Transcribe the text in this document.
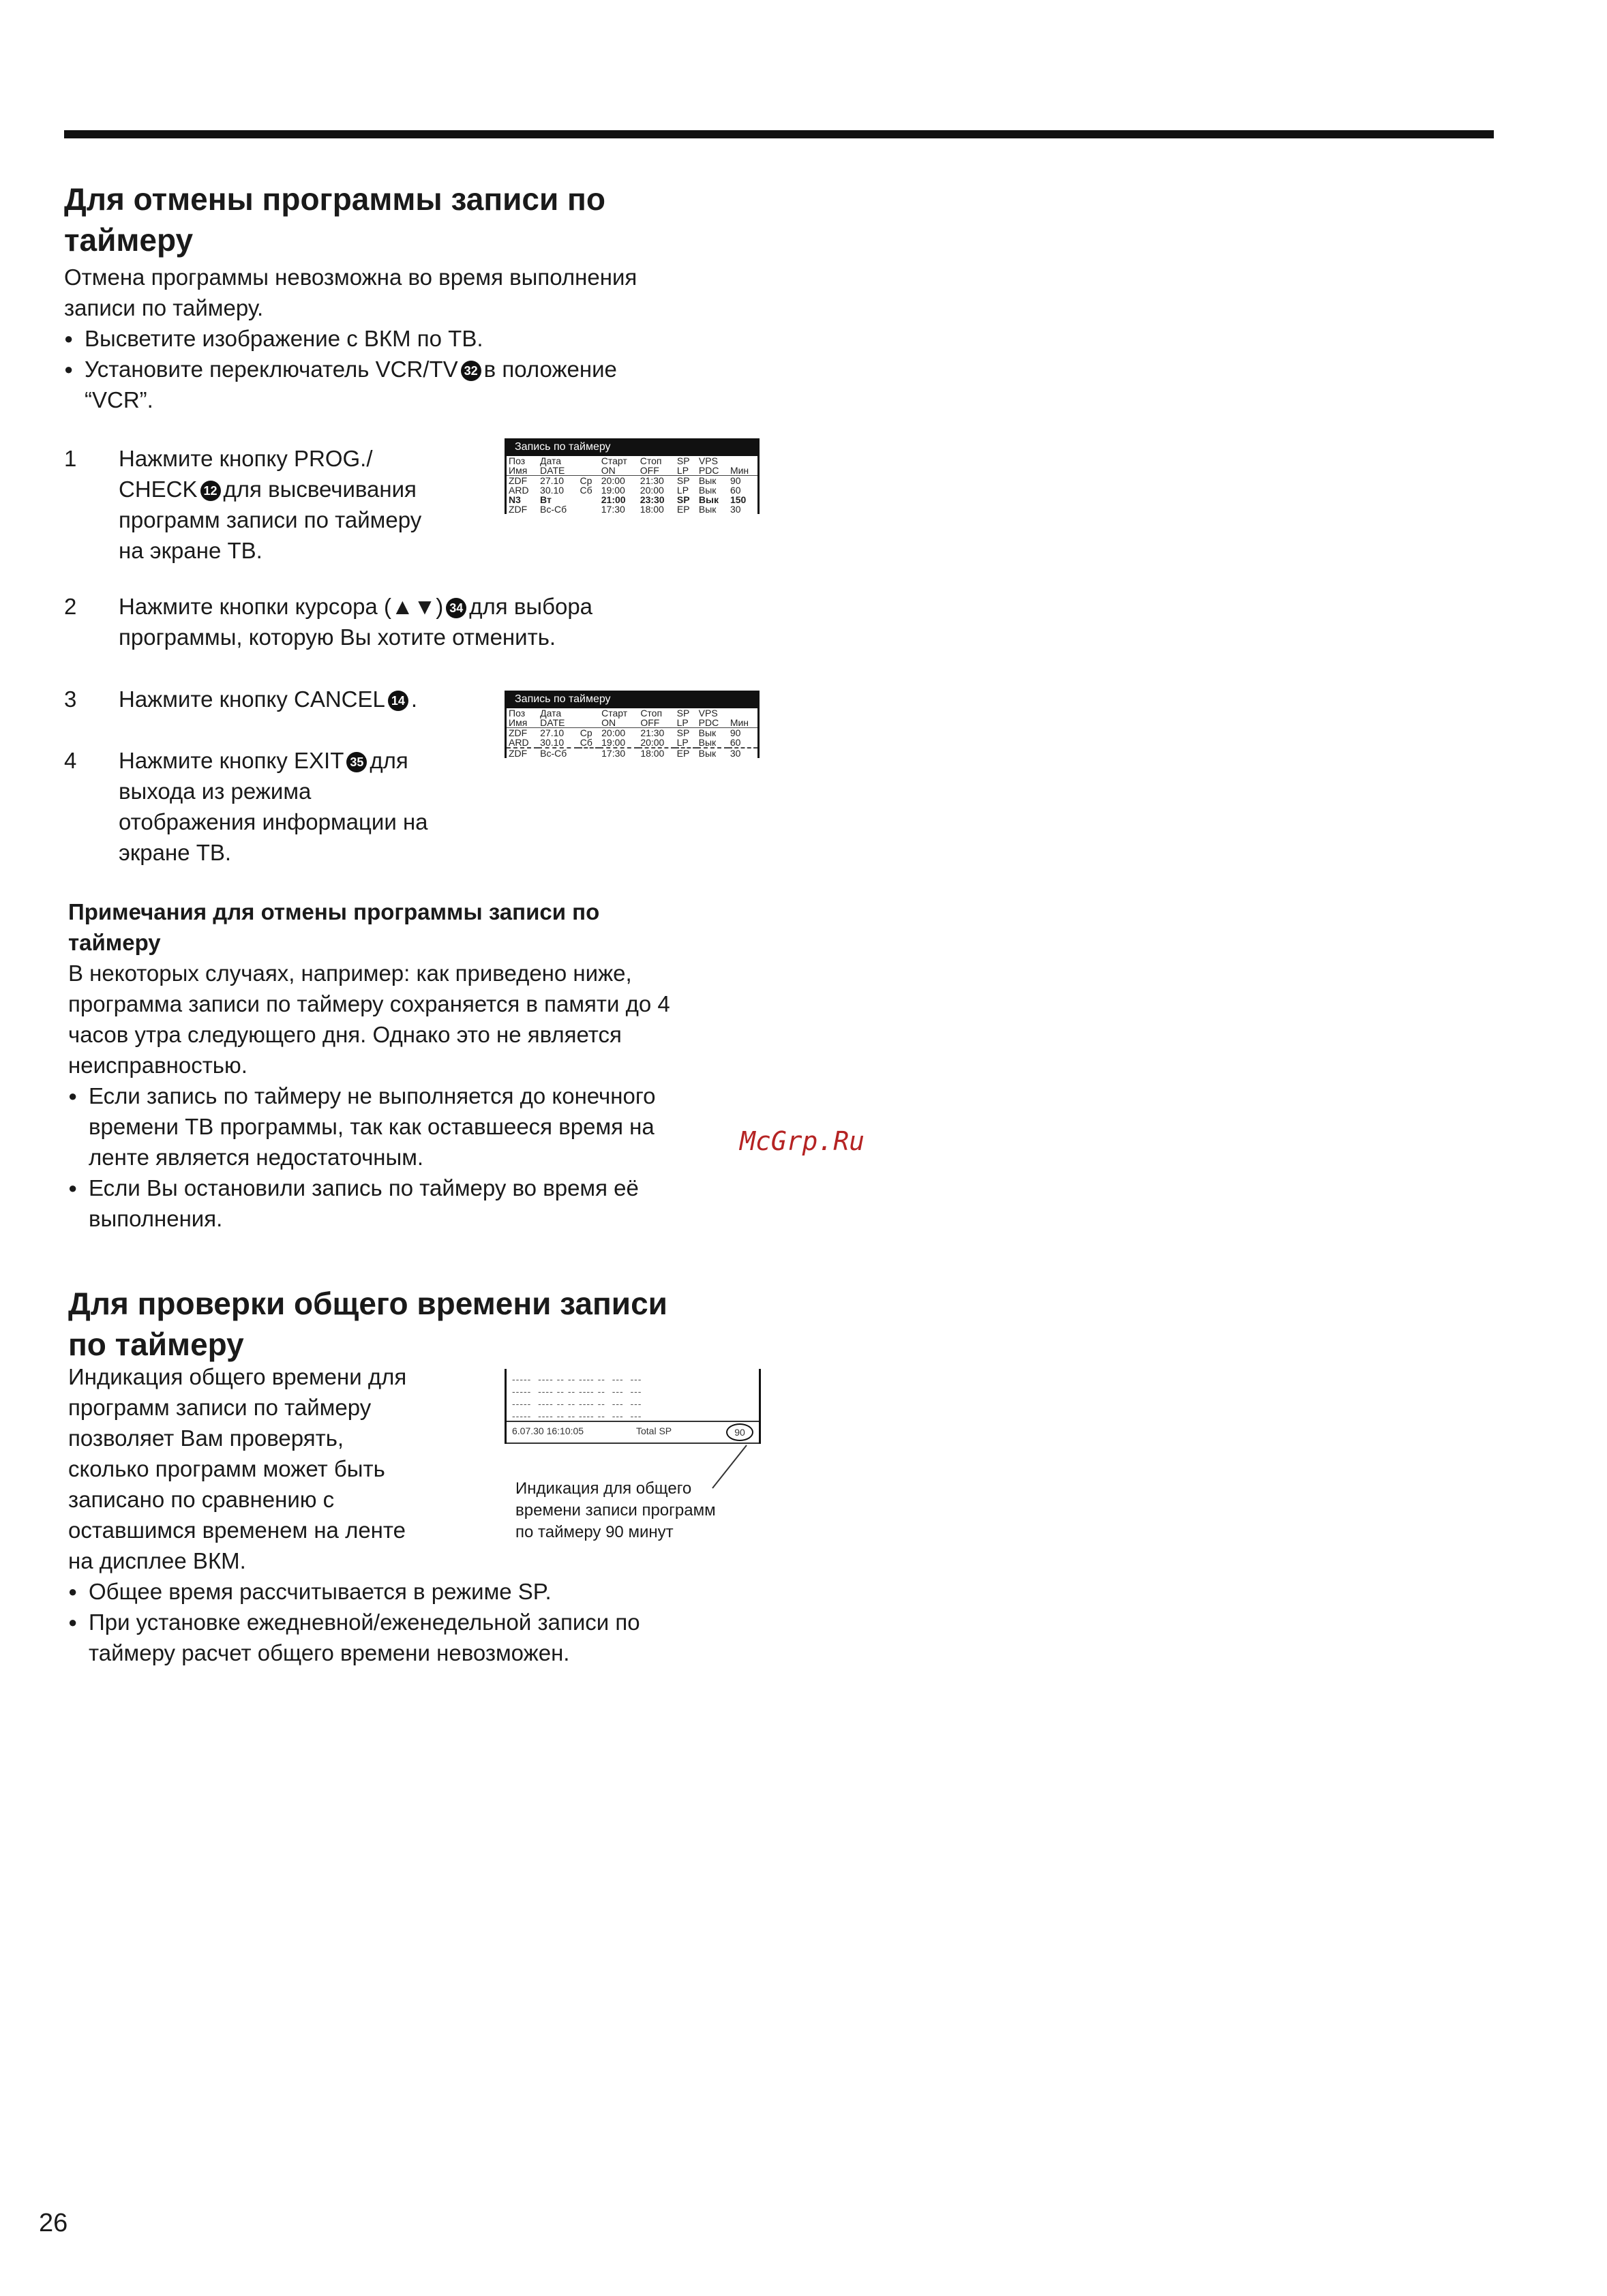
Для отмены программы записи по
таймеру

Отмена программы невозможна во время выполнения
записи по таймеру.

● Высветите изображение с ВКМ по ТВ.

● Установите переключатель VCR/TV 32 в положение
“VCR”.

1	Нажмите кнопку PROG./
CHECK 12 для высвечивания
программ записи по таймеру
на экране ТВ.
Запись по таймеру
Поз	Дата		Старт	Стоп	SP	VPS	
Имя	DATE		ON	OFF	LP	PDC	Мин
ZDF	27.10	Ср	20:00	21:30	SP	Вык	90
ARD	30.10	Сб	19:00	20:00	LP	Вык	60
N3	Вт		21:00	23:30	SP	Вык	150
ZDF	Вс-Сб		17:30	18:00	EP	Вык	30
2	Нажмите кнопки курсора (▲▼) 34 для выбора
программы, которую Вы хотите отменить.
3	Нажмите кнопку CANCEL 14 .
4	Нажмите кнопку EXIT 35 для
выхода из режима
отображения информации на
экране ТВ.
Запись по таймеру
Поз	Дата		Старт	Стоп	SP	VPS	
Имя	DATE		ON	OFF	LP	PDC	Мин
ZDF	27.10	Ср	20:00	21:30	SP	Вык	90
ARD	30.10	Сб	19:00	20:00	LP	Вык	60
ZDF	Вс-Сб		17:30	18:00	EP	Вык	30
Примечания для отмены программы записи по
таймеру

В некоторых случаях, например: как приведено ниже,
программа записи по таймеру сохраняется в памяти до 4
часов утра следующего дня. Однако это не является
неисправностью.

● Если запись по таймеру не выполняется до конечного
времени ТВ программы, так как оставшееся время на
ленте является недостаточным.

● Если Вы остановили запись по таймеру во время её
выполнения.

McGrp.Ru
Для проверки общего времени записи
по таймеру

Индикация общего времени для
программ записи по таймеру
позволяет Вам проверять,
сколько программ может быть
записано по сравнению с
оставшимся временем на ленте
на дисплее ВКМ.

-----  ---- -- -- ---- --  ---  ---
-----  ---- -- -- ---- --  ---  ---
-----  ---- -- -- ---- --  ---  ---
-----  ---- -- -- ---- --  ---  ---
6.07.30 16:10:05	Total SP	90
Индикация для общего
времени записи программ
по таймеру 90 минут

● Общее время рассчитывается в режиме SP.

● При установке ежедневной/еженедельной записи по
таймеру расчет общего времени невозможен.

26
